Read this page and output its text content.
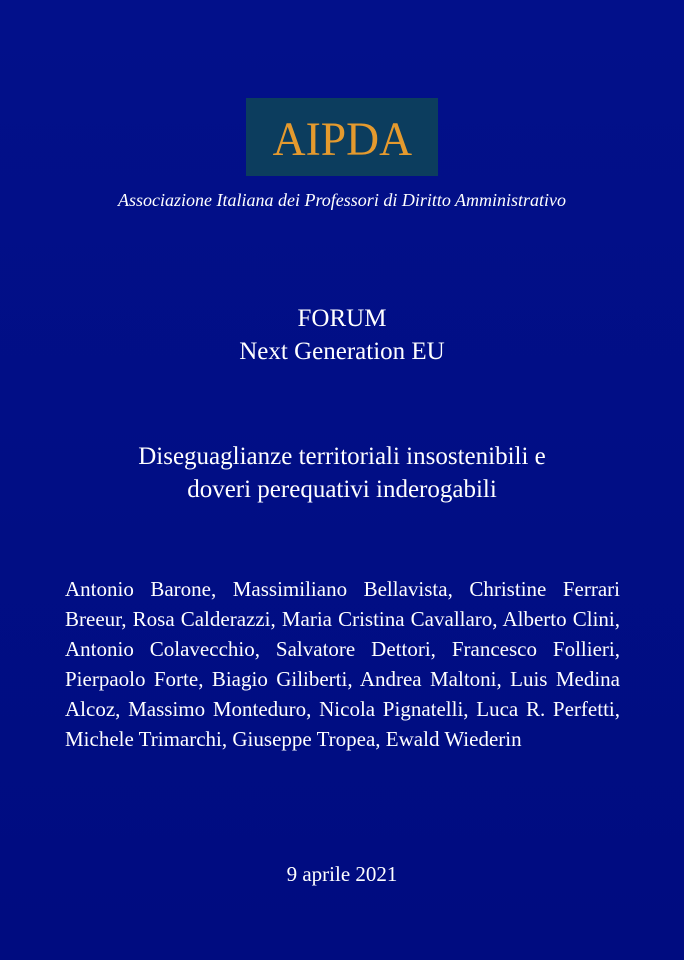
AIPDA
Associazione Italiana dei Professori di Diritto Amministrativo
FORUM
Next Generation EU
Diseguaglianze territoriali insostenibili e
doveri perequativi inderogabili
Antonio Barone, Massimiliano Bellavista, Christine Ferrari Breeur, Rosa Calderazzi, Maria Cristina Cavallaro, Alberto Clini, Antonio Colavecchio, Salvatore Dettori, Francesco Follieri, Pierpaolo Forte, Biagio Giliberti, Andrea Maltoni, Luis Medina Alcoz, Massimo Monteduro, Nicola Pignatelli, Luca R. Perfetti, Michele Trimarchi, Giuseppe Tropea, Ewald Wiederin
9 aprile 2021
